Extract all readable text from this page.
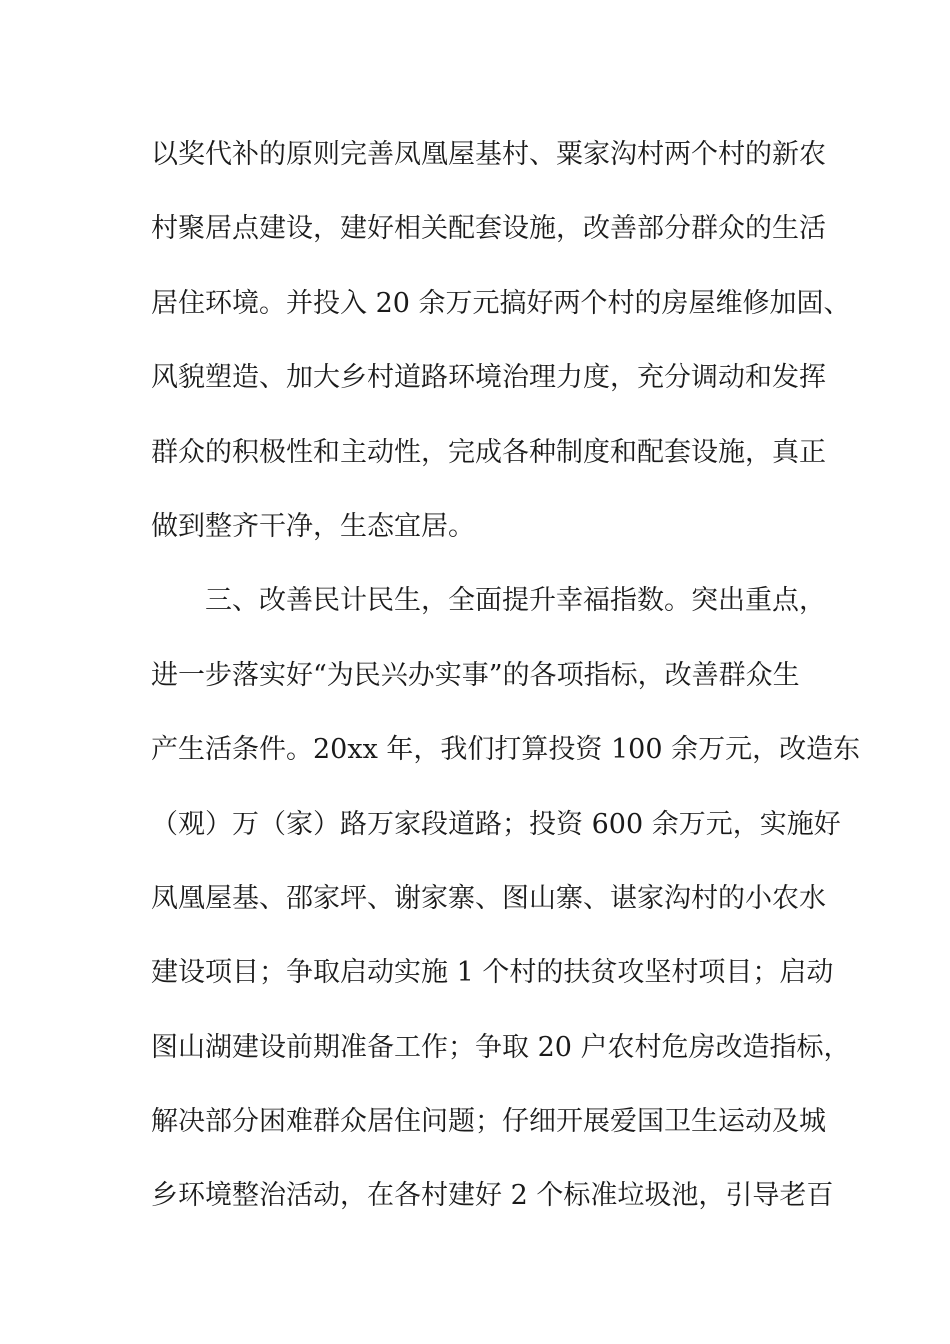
以奖代补的原则完善凤凰屋基村、粟家沟村两个村的新农
村聚居点建设，建好相关配套设施，改善部分群众的生活
居住环境。并投入 20 余万元搞好两个村的房屋维修加固、
风貌塑造、加大乡村道路环境治理力度，充分调动和发挥
群众的积极性和主动性，完成各种制度和配套设施，真正
做到整齐干净，生态宜居。
三、改善民计民生，全面提升幸福指数。突出重点，
进一步落实好“为民兴办实事”的各项指标，改善群众生
产生活条件。20xx 年，我们打算投资 100 余万元，改造东
（观）万（家）路万家段道路；投资 600 余万元，实施好
凤凰屋基、邵家坪、谢家寨、图山寨、谌家沟村的小农水
建设项目；争取启动实施 1 个村的扶贫攻坚村项目；启动
图山湖建设前期准备工作；争取 20 户农村危房改造指标，
解决部分困难群众居住问题；仔细开展爱国卫生运动及城
乡环境整治活动，在各村建好 2 个标准垃圾池，引导老百
